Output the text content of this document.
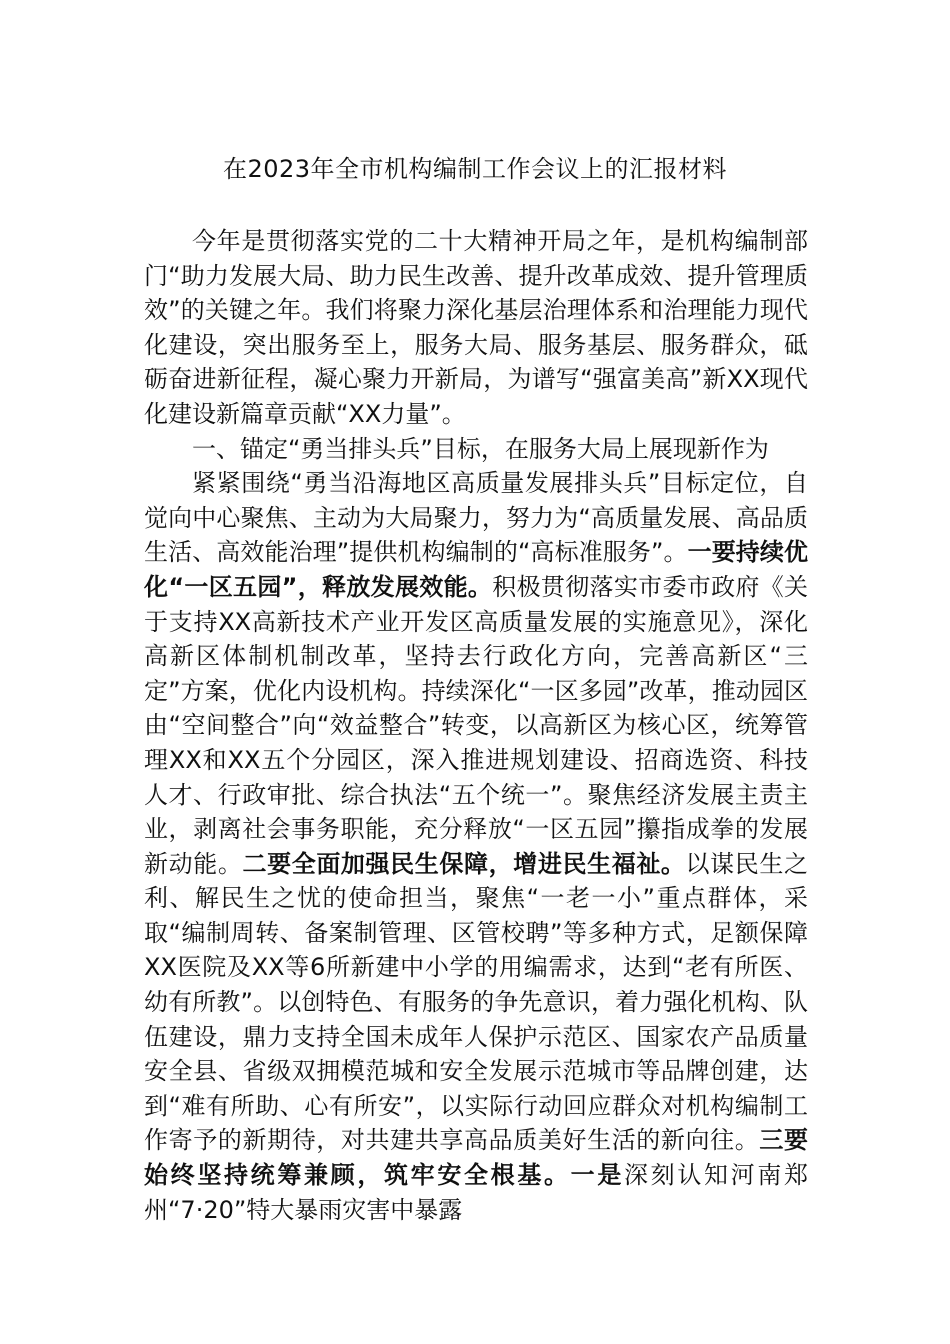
在2023年全市机构编制工作会议上的汇报材料

今年是贯彻落实党的二十大精神开局之年，是机构编制部门“助力发展大局、助力民生改善、提升改革成效、提升管理质效”的关键之年。我们将聚力深化基层治理体系和治理能力现代化建设，突出服务至上，服务大局、服务基层、服务群众，砥砺奋进新征程，凝心聚力开新局，为谱写“强富美高”新XX现代化建设新篇章贡献“XX力量”。

一、锚定“勇当排头兵”目标，在服务大局上展现新作为

紧紧围绕“勇当沿海地区高质量发展排头兵”目标定位，自觉向中心聚焦、主动为大局聚力，努力为“高质量发展、高品质生活、高效能治理”提供机构编制的“高标准服务”。一要持续优化“一区五园”，释放发展效能。积极贯彻落实市委市政府《关于支持XX高新技术产业开发区高质量发展的实施意见》，深化高新区体制机制改革，坚持去行政化方向，完善高新区“三定”方案，优化内设机构。持续深化“一区多园”改革，推动园区由“空间整合”向“效益整合”转变，以高新区为核心区，统筹管理XX和XX五个分园区，深入推进规划建设、招商选资、科技人才、行政审批、综合执法“五个统一”。聚焦经济发展主责主业，剥离社会事务职能，充分释放“一区五园”攥指成拳的发展新动能。二要全面加强民生保障，增进民生福祉。以谋民生之利、解民生之忧的使命担当，聚焦“一老一小”重点群体，采取“编制周转、备案制管理、区管校聘”等多种方式，足额保障XX医院及XX等6所新建中小学的用编需求，达到“老有所医、幼有所教”。以创特色、有服务的争先意识，着力强化机构、队伍建设，鼎力支持全国未成年人保护示范区、国家农产品质量安全县、省级双拥模范城和安全发展示范城市等品牌创建，达到“难有所助、心有所安”，以实际行动回应群众对机构编制工作寄予的新期待，对共建共享高品质美好生活的新向往。三要始终坚持统筹兼顾，筑牢安全根基。一是深刻认知河南郑州“7·20”特大暴雨灾害中暴露
